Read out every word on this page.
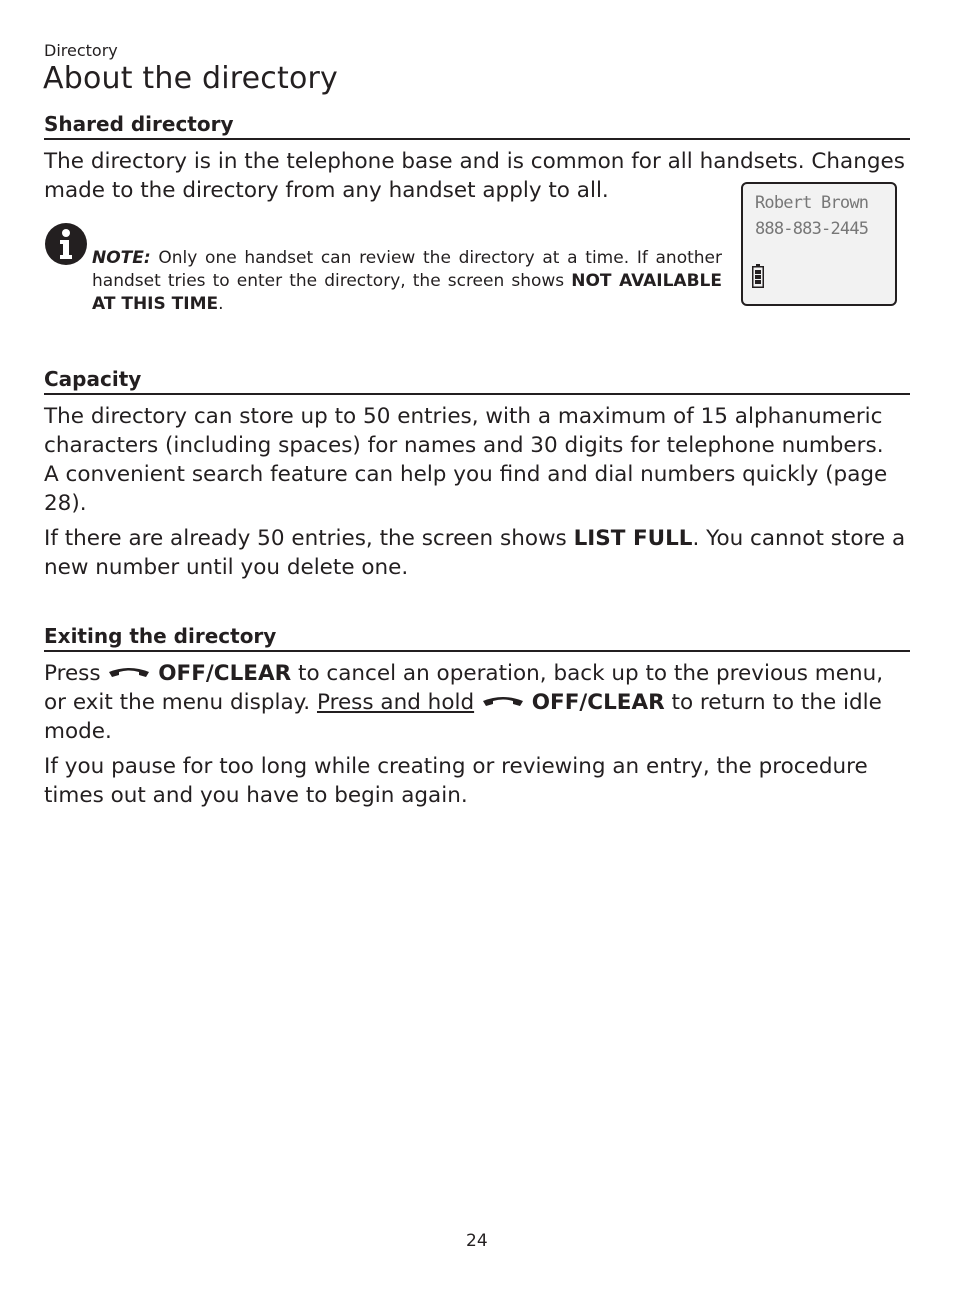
Directory
About the directory
Shared directory

The directory is in the telephone base and is common for all handsets. Changes made to the directory from any handset apply to all.

NOTE: Only one handset can review the directory at a time. If another handset tries to enter the directory, the screen shows NOT AVAILABLE AT THIS TIME.
Robert Brown
888-883-2445
Capacity

The directory can store up to 50 entries, with a maximum of 15 alphanumeric characters (including spaces) for names and 30 digits for telephone numbers. A convenient search feature can help you find and dial numbers quickly (page 28).

If there are already 50 entries, the screen shows LIST FULL. You cannot store a new number until you delete one.

Exiting the directory

Press	OFF/CLEAR to cancel an operation, back up to the previous menu, or exit the menu display. Press and hold	OFF/CLEAR to return to the idle mode.

If you pause for too long while creating or reviewing an entry, the procedure times out and you have to begin again.

24
